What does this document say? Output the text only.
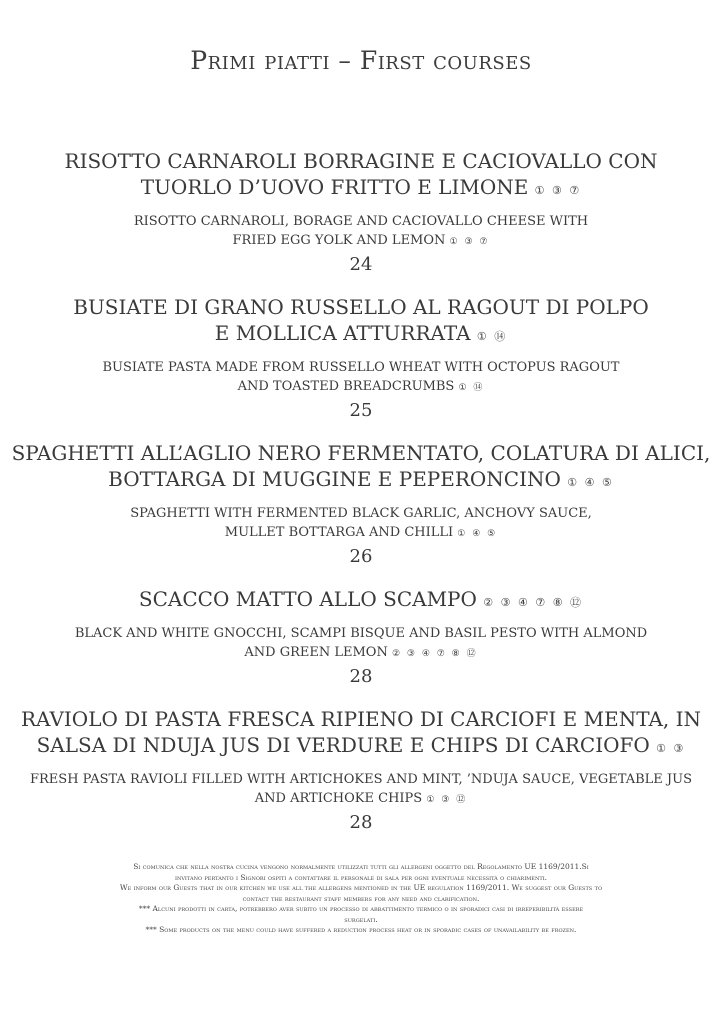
Primi piatti – First courses

RISOTTO CARNAROLI BORRAGINE E CACIOVALLO CON
TUORLO D’UOVO FRITTO E LIMONE ① ③ ⑦

RISOTTO CARNAROLI, BORAGE AND CACIOVALLO CHEESE WITH
FRIED EGG YOLK AND LEMON ① ③ ⑦

24

BUSIATE DI GRANO RUSSELLO AL RAGOUT DI POLPO
E MOLLICA ATTURRATA ① ⑭

BUSIATE PASTA MADE FROM RUSSELLO WHEAT WITH OCTOPUS RAGOUT
AND TOASTED BREADCRUMBS ① ⑭

25

SPAGHETTI ALL’AGLIO NERO FERMENTATO, COLATURA DI ALICI,
BOTTARGA DI MUGGINE E PEPERONCINO ① ④ ⑤

SPAGHETTI WITH FERMENTED BLACK GARLIC, ANCHOVY SAUCE,
MULLET BOTTARGA AND CHILLI ① ④ ⑤

26

SCACCO MATTO ALLO SCAMPO ② ③ ④ ⑦ ⑧ ⑫

BLACK AND WHITE GNOCCHI, SCAMPI BISQUE AND BASIL PESTO WITH ALMOND
AND GREEN LEMON ② ③ ④ ⑦ ⑧ ⑫

28

RAVIOLO DI PASTA FRESCA RIPIENO DI CARCIOFI E MENTA, IN
SALSA DI NDUJA JUS DI VERDURE E CHIPS DI CARCIOFO ① ③

FRESH PASTA RAVIOLI FILLED WITH ARTICHOKES AND MINT, ’NDUJA SAUCE, VEGETABLE JUS
AND ARTICHOKE CHIPS ① ③ ⑫

28

Si comunica che nella nostra cucina vengono normalmente utilizzati tutti gli allergeni oggetto del Regolamento UE 1169/2011.Si

invitano pertanto i Signori ospiti a contattare il personale di sala per ogni eventuale necessità o chiarimenti.

We inform our Guests that in our kitchen we use all the allergens mentioned in the UE regulation 1169/2011. We suggest our Guests to

contact the restaurant staff members for any need and clarification.

*** Alcuni prodotti in carta, potrebbero aver subito un processo di abbattimento termico o in sporadici casi di irreperibilità essere

surgelati.

*** Some products on the menu could have suffered a reduction process heat or in sporadic cases of unavailability be frozen.
